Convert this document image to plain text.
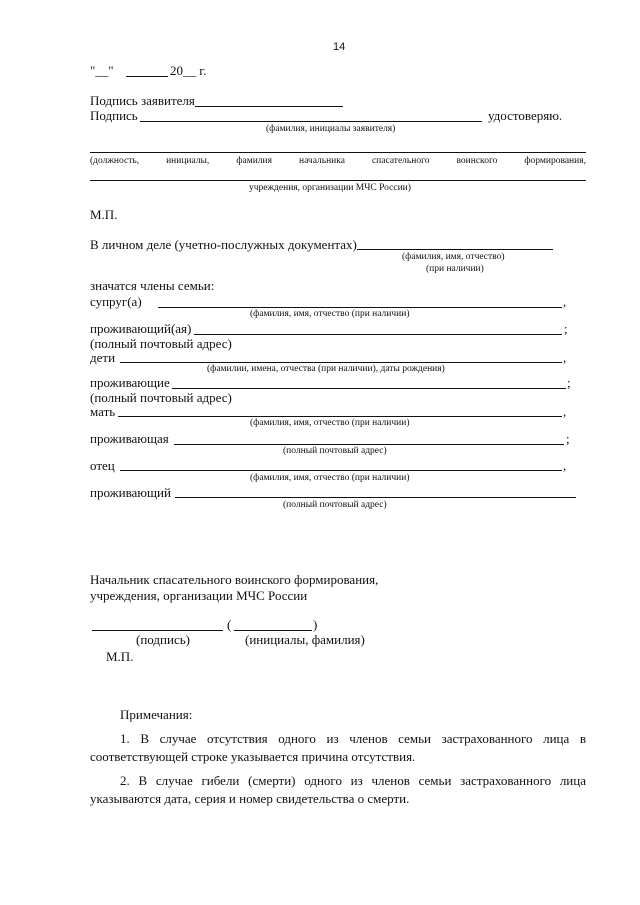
14
"__"	20__ г.
Подпись заявителя
Подпись	удостоверяю.
(фамилия, инициалы заявителя)
(должность,	инициалы,	фамилия	начальника	спасательного	воинского	формирования,
учреждения, организации МЧС России)
М.П.
В личном деле (учетно-послужных документах)
(фамилия, имя, отчество)
(при наличии)
значатся члены семьи:
супруг(а)	,
(фамилия, имя, отчество (при наличии)
проживающий(ая)	;
(полный почтовый адрес)
дети	,
(фамилии, имена, отчества (при наличии), даты рождения)
проживающие	;
(полный почтовый адрес)
мать	,
(фамилия, имя, отчество (при наличии)
проживающая	;
(полный почтовый адрес)
отец	,
(фамилия, имя, отчество (при наличии)
проживающий
(полный почтовый адрес)
Начальник спасательного воинского формирования,
учреждения, организации МЧС России
(	)
(подпись)	(инициалы, фамилия)
М.П.
Примечания:
1. В случае отсутствия одного из членов семьи застрахованного лица в соответствующей строке указывается причина отсутствия.
2. В случае гибели (смерти) одного из членов семьи застрахованного лица указываются дата, серия и номер свидетельства о смерти.
